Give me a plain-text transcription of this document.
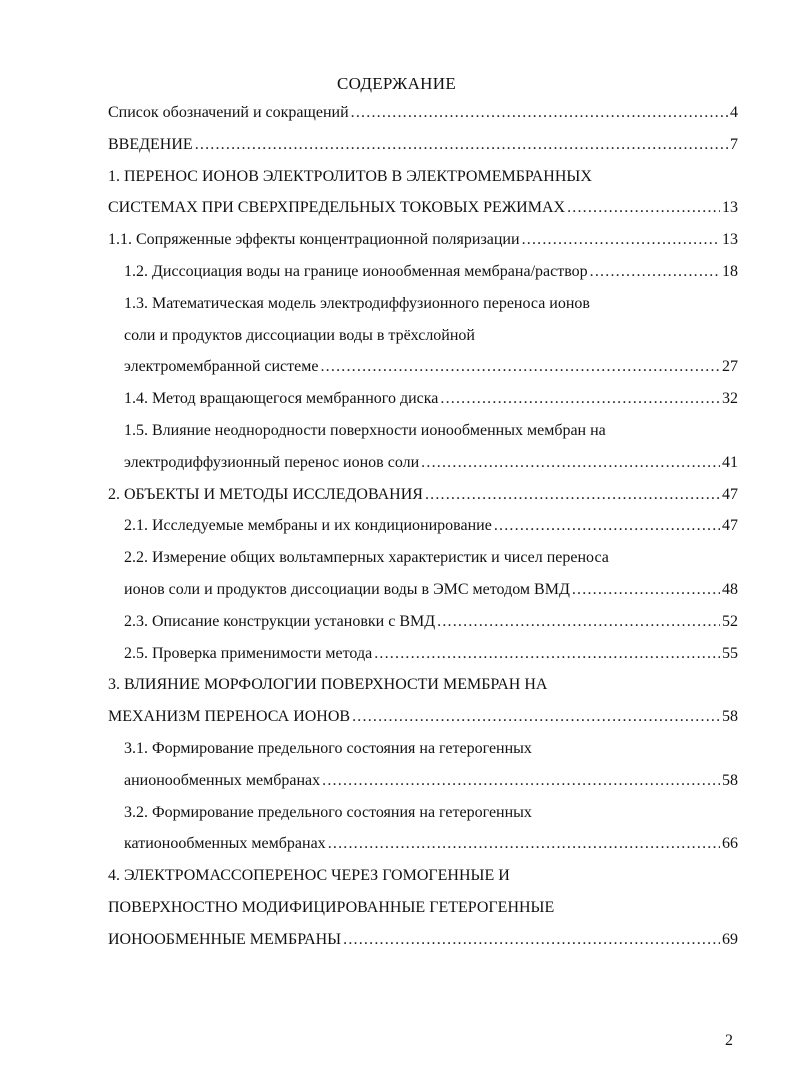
СОДЕРЖАНИЕ
Список обозначений и сокращений .....	4
ВВЕДЕНИЕ .....	7
1. ПЕРЕНОС ИОНОВ ЭЛЕКТРОЛИТОВ В ЭЛЕКТРОМЕМБРАННЫХ
СИСТЕМАХ ПРИ СВЕРХПРЕДЕЛЬНЫХ ТОКОВЫХ РЕЖИМАХ .....	13
1.1. Сопряженные эффекты концентрационной поляризации .....	13
1.2. Диссоциация воды на границе ионообменная мембрана/раствор .....	18
1.3. Математическая модель электродиффузионного переноса ионов
соли и продуктов диссоциации воды в трёхслойной
электромембранной системе .....	27
1.4. Метод вращающегося мембранного диска .....	32
1.5. Влияние неоднородности поверхности ионообменных мембран на
электродиффузионный перенос ионов соли .....	41
2. ОБЪЕКТЫ И МЕТОДЫ ИССЛЕДОВАНИЯ .....	47
2.1. Исследуемые мембраны и их кондиционирование .....	47
2.2. Измерение общих вольтамперных характеристик и чисел переноса
ионов соли и продуктов диссоциации воды в ЭМС методом ВМД .....	48
2.3. Описание конструкции установки с ВМД .....	52
2.5. Проверка применимости метода .....	55
3. ВЛИЯНИЕ МОРФОЛОГИИ ПОВЕРХНОСТИ МЕМБРАН НА
МЕХАНИЗМ ПЕРЕНОСА ИОНОВ .....	58
3.1. Формирование предельного состояния на гетерогенных
анионообменных мембранах .....	58
3.2. Формирование предельного состояния на гетерогенных
катионообменных мембранах .....	66
4. ЭЛЕКТРОМАССОПЕРЕНОС ЧЕРЕЗ ГОМОГЕННЫЕ И
ПОВЕРХНОСТНО МОДИФИЦИРОВАННЫЕ ГЕТЕРОГЕННЫЕ
ИОНООБМЕННЫЕ МЕМБРАНЫ .....	69
2
